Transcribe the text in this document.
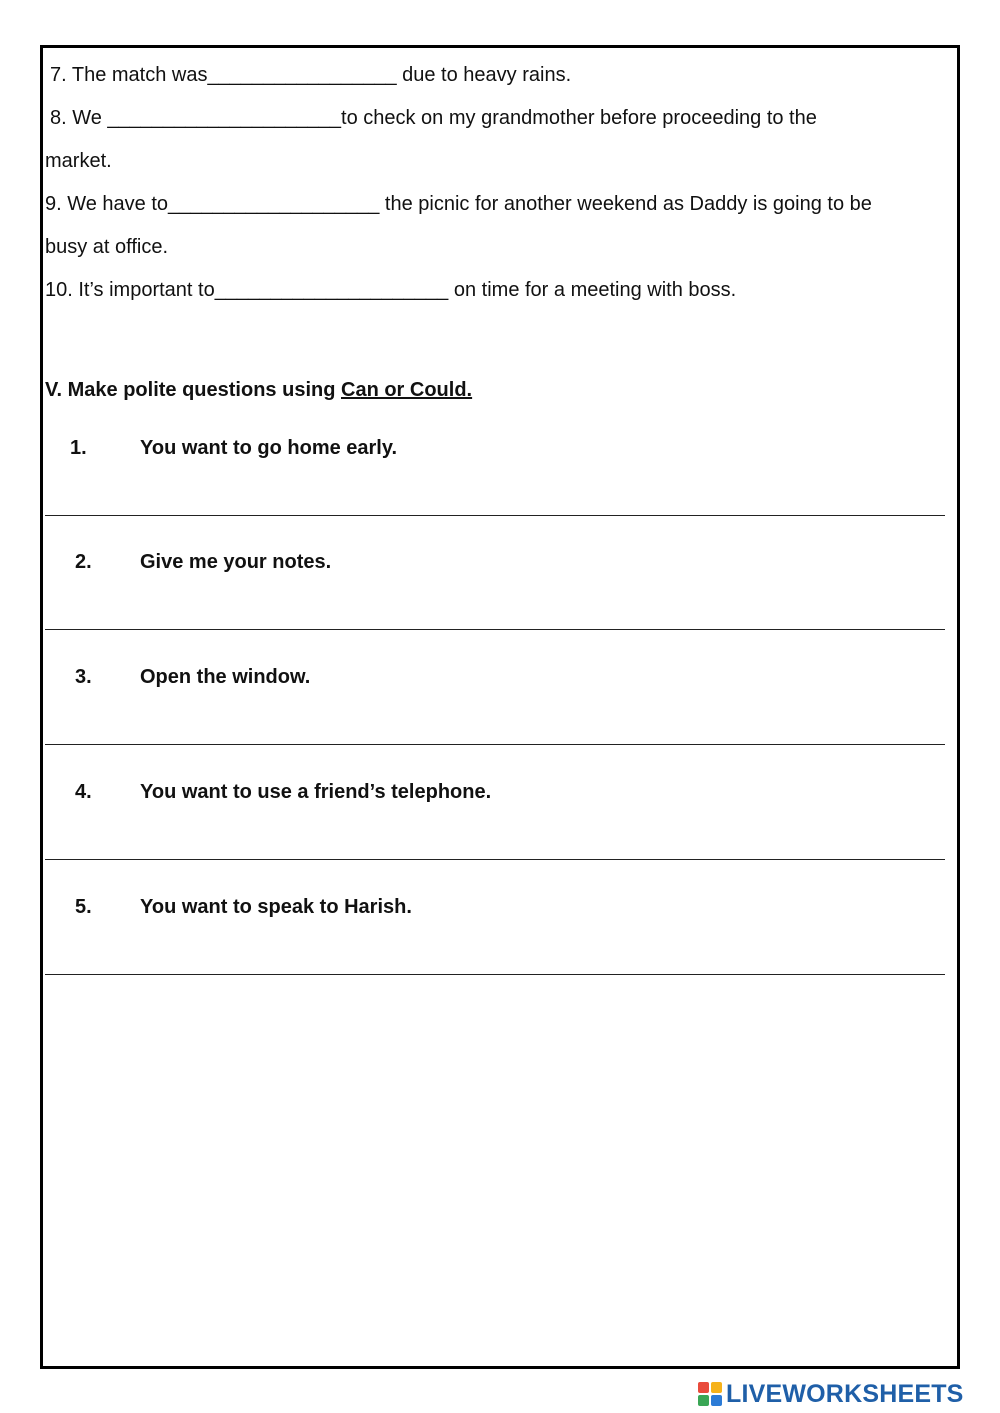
7. The match was_________________ due to heavy rains.
8. We _____________________to check on my grandmother before proceeding to the
market.
9. We have to___________________ the picnic for another weekend as Daddy is going to be
busy at office.
10. It’s important to_____________________ on time for a meeting with boss.
V. Make polite questions using Can or Could.
1.	You want to go home early.
2. Give me your notes.
3. Open the window.
4. You want to use a friend’s telephone.
5. You want to speak to Harish.
LIVEWORKSHEETS
